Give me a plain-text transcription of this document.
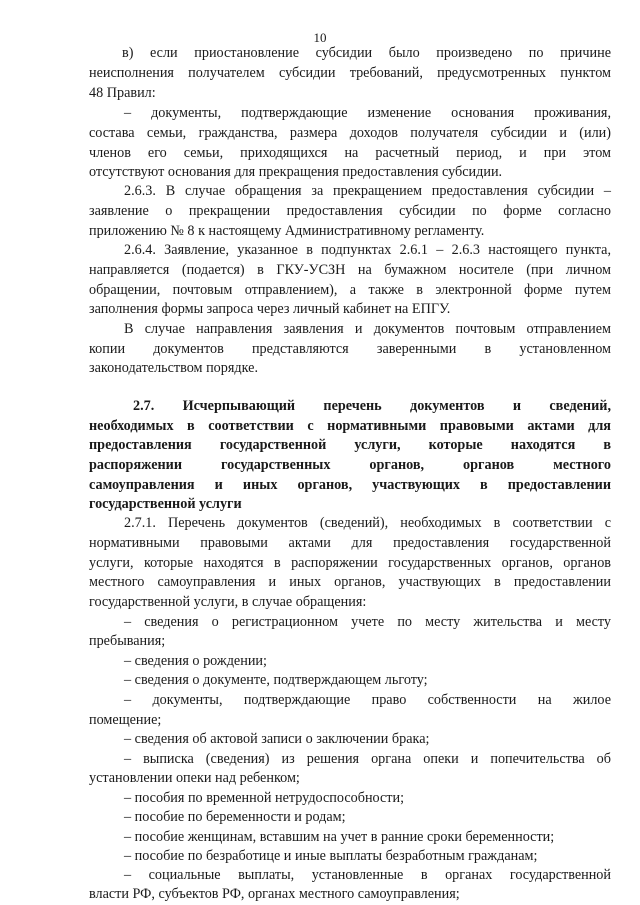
10
в) если приостановление субсидии было произведено по причине
неисполнения получателем субсидии требований, предусмотренных пунктом
48 Правил:
– документы, подтверждающие изменение основания проживания,
состава семьи, гражданства, размера доходов получателя субсидии и (или)
членов его семьи, приходящихся на расчетный период, и при этом
отсутствуют основания для прекращения предоставления субсидии.
2.6.3. В случае обращения за прекращением предоставления субсидии –
заявление о прекращении предоставления субсидии по форме согласно
приложению № 8 к настоящему Административному регламенту.
2.6.4. Заявление, указанное в подпунктах 2.6.1 – 2.6.3 настоящего пункта,
направляется (подается) в ГКУ-УСЗН на бумажном носителе (при личном
обращении, почтовым отправлением), а также в электронной форме путем
заполнения формы запроса через личный кабинет на ЕПГУ.
В случае направления заявления и документов почтовым отправлением
копии документов представляются заверенными в установленном
законодательством порядке.
2.7. Исчерпывающий перечень документов и сведений,
необходимых в соответствии с нормативными правовыми актами для
предоставления государственной услуги, которые находятся в
распоряжении государственных органов, органов местного
самоуправления и иных органов, участвующих в предоставлении
государственной услуги
2.7.1. Перечень документов (сведений), необходимых в соответствии с
нормативными правовыми актами для предоставления государственной
услуги, которые находятся в распоряжении государственных органов, органов
местного самоуправления и иных органов, участвующих в предоставлении
государственной услуги, в случае обращения:
– сведения о регистрационном учете по месту жительства и месту
пребывания;
– сведения о рождении;
– сведения о документе, подтверждающем льготу;
– документы, подтверждающие право собственности на жилое
помещение;
– сведения об актовой записи о заключении брака;
– выписка (сведения) из решения органа опеки и попечительства об
установлении опеки над ребенком;
– пособия по временной нетрудоспособности;
– пособие по беременности и родам;
– пособие женщинам, вставшим на учет в ранние сроки беременности;
– пособие по безработице и иные выплаты безработным гражданам;
– социальные выплаты, установленные в органах государственной
власти РФ, субъектов РФ, органах местного самоуправления;
